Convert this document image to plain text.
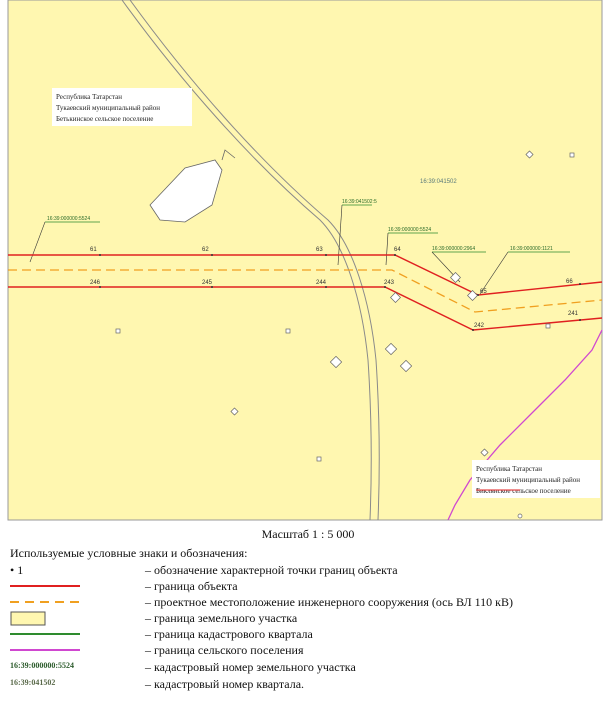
Республика Татарстан
Тукаевский муниципальный район
Бетькинское сельское поселение
16:39:041502
16:39:000000:5524
16:39:041502:5
16:39:000000:5524
16:39:000000:2964	16:39:000000:1121
61	62	63	64
65
66
246	245	244	243
242
241
Республика Татарстан
Тукаевский муниципальный район
Биклянское сельское поселение
Масштаб 1 : 5 000
Используемые условные знаки и обозначения:
• 1	– обозначение характерной точки границ объекта
– граница объекта
– проектное местоположение инженерного сооружения (ось ВЛ 110 кВ)
– граница земельного участка
– граница кадастрового квартала
– граница сельского поселения
16:39:000000:5524	– кадастровый номер земельного участка
16:39:041502	– кадастровый номер квартала.
